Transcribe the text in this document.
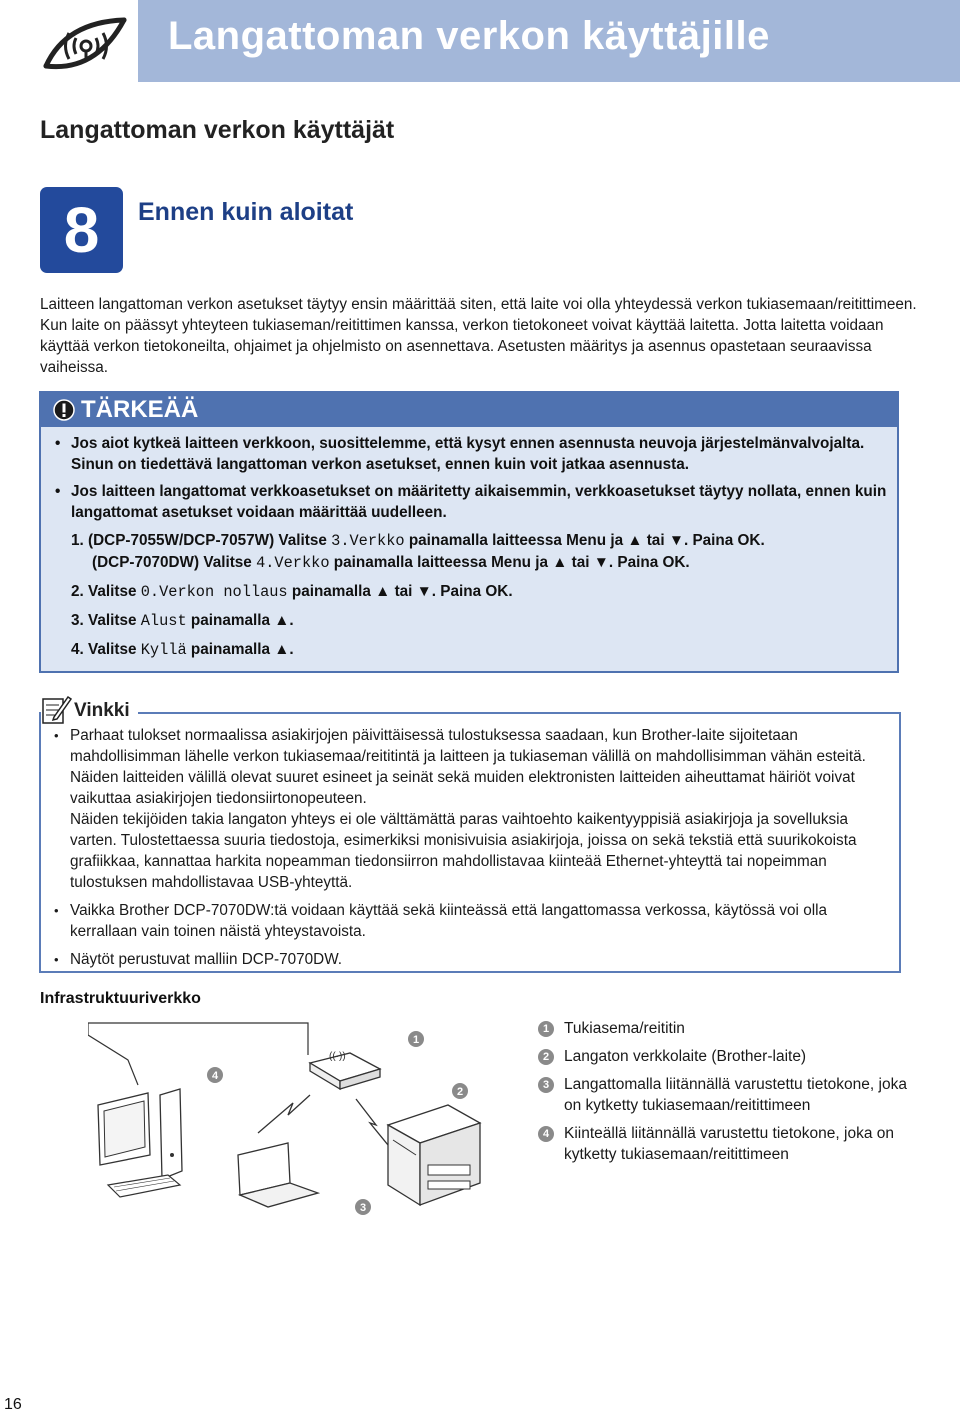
Langattoman verkon käyttäjille
Langattoman verkon käyttäjät
8	Ennen kuin aloitat

Laitteen langattoman verkon asetukset täytyy ensin määrittää siten, että laite voi olla yhteydessä verkon tukiasemaan/reitittimeen. Kun laite on päässyt yhteyteen tukiaseman/reitittimen kanssa, verkon tietokoneet voivat käyttää laitetta. Jotta laitetta voidaan käyttää verkon tietokoneilta, ohjaimet ja ohjelmisto on asennettava. Asetusten määritys ja asennus opastetaan seuraavissa vaiheissa.

TÄRKEÄÄ
• Jos aiot kytkeä laitteen verkkoon, suosittelemme, että kysyt ennen asennusta neuvoja järjestelmänvalvojalta. Sinun on tiedettävä langattoman verkon asetukset, ennen kuin voit jatkaa asennusta.
• Jos laitteen langattomat verkkoasetukset on määritetty aikaisemmin, verkkoasetukset täytyy nollata, ennen kuin langattomat asetukset voidaan määrittää uudelleen.
1. (DCP-7055W/DCP-7057W) Valitse 3.Verkko painamalla laitteessa Menu ja ▲ tai ▼. Paina OK.
(DCP-7070DW) Valitse 4.Verkko painamalla laitteessa Menu ja ▲ tai ▼. Paina OK.
2. Valitse 0.Verkon nollaus painamalla ▲ tai ▼. Paina OK.
3. Valitse Alust painamalla ▲.
4. Valitse Kyllä painamalla ▲.
Vinkki
• Parhaat tulokset normaalissa asiakirjojen päivittäisessä tulostuksessa saadaan, kun Brother-laite sijoitetaan mahdollisimman lähelle verkon tukiasemaa/reititintä ja laitteen ja tukiaseman välillä on mahdollisimman vähän esteitä. Näiden laitteiden välillä olevat suuret esineet ja seinät sekä muiden elektronisten laitteiden aiheuttamat häiriöt voivat vaikuttaa asiakirjojen tiedonsiirtonopeuteen.
Näiden tekijöiden takia langaton yhteys ei ole välttämättä paras vaihtoehto kaikentyyppisiä asiakirjoja ja sovelluksia varten. Tulostettaessa suuria tiedostoja, esimerkiksi monisivuisia asiakirjoja, joissa on sekä tekstiä että suurikokoista grafiikkaa, kannattaa harkita nopeamman tiedonsiirron mahdollistavaa kiinteää Ethernet-yhteyttä tai nopeimman tulostuksen mahdollistavaa USB-yhteyttä.
• Vaikka Brother DCP-7070DW:tä voidaan käyttää sekä kiinteässä että langattomassa verkossa, käytössä voi olla kerrallaan vain toinen näistä yhteystavoista.
• Näytöt perustuvat malliin DCP-7070DW.
Infrastruktuuriverkko
((·))
1
2
3
4
1 Tukiasema/reititin
2 Langaton verkkolaite (Brother-laite)
3 Langattomalla liitännällä varustettu tietokone, joka on kytketty tukiasemaan/reitittimeen
4 Kiinteällä liitännällä varustettu tietokone, joka on kytketty tukiasemaan/reitittimeen

16
